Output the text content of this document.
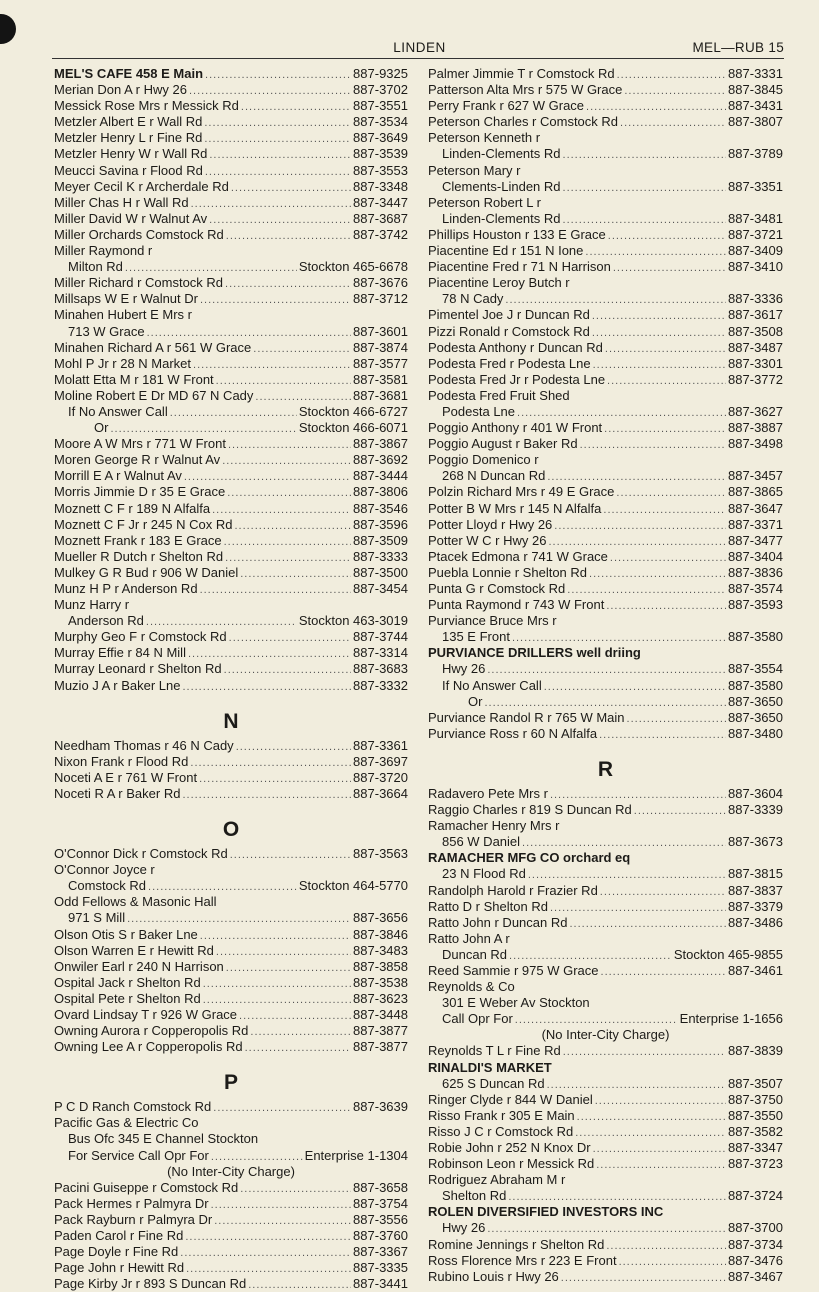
LINDEN	MEL—RUB 15
MEL'S CAFE 458 E Main .....	887-9325
Merian Don A r Hwy 26 .....	887-3702
Messick Rose Mrs r Messick Rd .....	887-3551
Metzler Albert E r Wall Rd .....	887-3534
Metzler Henry L r Fine Rd .....	887-3649
Metzler Henry W r Wall Rd .....	887-3539
Meucci Savina r Flood Rd .....	887-3553
Meyer Cecil K r Archerdale Rd .....	887-3348
Miller Chas H r Wall Rd .....	887-3447
Miller David W r Walnut Av .....	887-3687
Miller Orchards Comstock Rd .....	887-3742
Miller Raymond r
Milton Rd .....	Stockton 465-6678
Miller Richard r Comstock Rd .....	887-3676
Millsaps W E r Walnut Dr .....	887-3712
Minahen Hubert E Mrs r
713 W Grace .....	887-3601
Minahen Richard A r 561 W Grace .....	887-3874
Mohl P Jr r 28 N Market .....	887-3577
Molatt Etta M r 181 W Front .....	887-3581
Moline Robert E Dr MD 67 N Cady .....	887-3681
If No Answer Call .....	Stockton 466-6727
Or .....	Stockton 466-6071
Moore A W Mrs r 771 W Front .....	887-3867
Moren George R r Walnut Av .....	887-3692
Morrill E A r Walnut Av .....	887-3444
Morris Jimmie D r 35 E Grace .....	887-3806
Moznett C F r 189 N Alfalfa .....	887-3546
Moznett C F Jr r 245 N Cox Rd .....	887-3596
Moznett Frank r 183 E Grace .....	887-3509
Mueller R Dutch r Shelton Rd .....	887-3333
Mulkey G R Bud r 906 W Daniel .....	887-3500
Munz H P r Anderson Rd .....	887-3454
Munz Harry r
Anderson Rd .....	Stockton 463-3019
Murphy Geo F r Comstock Rd .....	887-3744
Murray Effie r 84 N Mill .....	887-3314
Murray Leonard r Shelton Rd .....	887-3683
Muzio J A r Baker Lne .....	887-3332
N
Needham Thomas r 46 N Cady .....	887-3361
Nixon Frank r Flood Rd .....	887-3697
Noceti A E r 761 W Front .....	887-3720
Noceti R A r Baker Rd .....	887-3664
O
O'Connor Dick r Comstock Rd .....	887-3563
O'Connor Joyce r
Comstock Rd .....	Stockton 464-5770
Odd Fellows & Masonic Hall
971 S Mill .....	887-3656
Olson Otis S r Baker Lne .....	887-3846
Olson Warren E r Hewitt Rd .....	887-3483
Onwiler Earl r 240 N Harrison .....	887-3858
Ospital Jack r Shelton Rd .....	887-3538
Ospital Pete r Shelton Rd .....	887-3623
Ovard Lindsay T r 926 W Grace .....	887-3448
Owning Aurora r Copperopolis Rd .....	887-3877
Owning Lee A r Copperopolis Rd .....	887-3877
P
P C D Ranch Comstock Rd .....	887-3639
Pacific Gas & Electric Co
Bus Ofc 345 E Channel Stockton
For Service Call Opr For .....	Enterprise 1-1304
(No Inter-City Charge)
Pacini Guiseppe r Comstock Rd .....	887-3658
Pack Hermes r Palmyra Dr .....	887-3754
Pack Rayburn r Palmyra Dr .....	887-3556
Paden Carol r Fine Rd .....	887-3760
Page Doyle r Fine Rd .....	887-3367
Page John r Hewitt Rd .....	887-3335
Page Kirby Jr r 893 S Duncan Rd .....	887-3441
Palmer Jimmie T r Comstock Rd .....	887-3331
Patterson Alta Mrs r 575 W Grace .....	887-3845
Perry Frank r 627 W Grace .....	887-3431
Peterson Charles r Comstock Rd .....	887-3807
Peterson Kenneth r
Linden-Clements Rd .....	887-3789
Peterson Mary r
Clements-Linden Rd .....	887-3351
Peterson Robert L r
Linden-Clements Rd .....	887-3481
Phillips Houston r 133 E Grace .....	887-3721
Piacentine Ed r 151 N Ione .....	887-3409
Piacentine Fred r 71 N Harrison .....	887-3410
Piacentine Leroy Butch r
78 N Cady .....	887-3336
Pimentel Joe J r Duncan Rd .....	887-3617
Pizzi Ronald r Comstock Rd .....	887-3508
Podesta Anthony r Duncan Rd .....	887-3487
Podesta Fred r Podesta Lne .....	887-3301
Podesta Fred Jr r Podesta Lne .....	887-3772
Podesta Fred Fruit Shed
Podesta Lne .....	887-3627
Poggio Anthony r 401 W Front .....	887-3887
Poggio August r Baker Rd .....	887-3498
Poggio Domenico r
268 N Duncan Rd .....	887-3457
Polzin Richard Mrs r 49 E Grace .....	887-3865
Potter B W Mrs r 145 N Alfalfa .....	887-3647
Potter Lloyd r Hwy 26 .....	887-3371
Potter W C r Hwy 26 .....	887-3477
Ptacek Edmona r 741 W Grace .....	887-3404
Puebla Lonnie r Shelton Rd .....	887-3836
Punta G r Comstock Rd .....	887-3574
Punta Raymond r 743 W Front .....	887-3593
Purviance Bruce Mrs r
135 E Front .....	887-3580
PURVIANCE DRILLERS well driing
Hwy 26 .....	887-3554
If No Answer Call .....	887-3580
Or .....	887-3650
Purviance Randol R r 765 W Main .....	887-3650
Purviance Ross r 60 N Alfalfa .....	887-3480
R
Radavero Pete Mrs r .....	887-3604
Raggio Charles r 819 S Duncan Rd .....	887-3339
Ramacher Henry Mrs r
856 W Daniel .....	887-3673
RAMACHER MFG CO orchard eq
23 N Flood Rd .....	887-3815
Randolph Harold r Frazier Rd .....	887-3837
Ratto D r Shelton Rd .....	887-3379
Ratto John r Duncan Rd .....	887-3486
Ratto John A r
Duncan Rd .....	Stockton 465-9855
Reed Sammie r 975 W Grace .....	887-3461
Reynolds & Co
301 E Weber Av Stockton
Call Opr For .....	Enterprise 1-1656
(No Inter-City Charge)
Reynolds T L r Fine Rd .....	887-3839
RINALDI'S MARKET
625 S Duncan Rd .....	887-3507
Ringer Clyde r 844 W Daniel .....	887-3750
Risso Frank r 305 E Main .....	887-3550
Risso J C r Comstock Rd .....	887-3582
Robie John r 252 N Knox Dr .....	887-3347
Robinson Leon r Messick Rd .....	887-3723
Rodriguez Abraham M r
Shelton Rd .....	887-3724
ROLEN DIVERSIFIED INVESTORS INC
Hwy 26 .....	887-3700
Romine Jennings r Shelton Rd .....	887-3734
Ross Florence Mrs r 223 E Front .....	887-3476
Rubino Louis r Hwy 26 .....	887-3467
